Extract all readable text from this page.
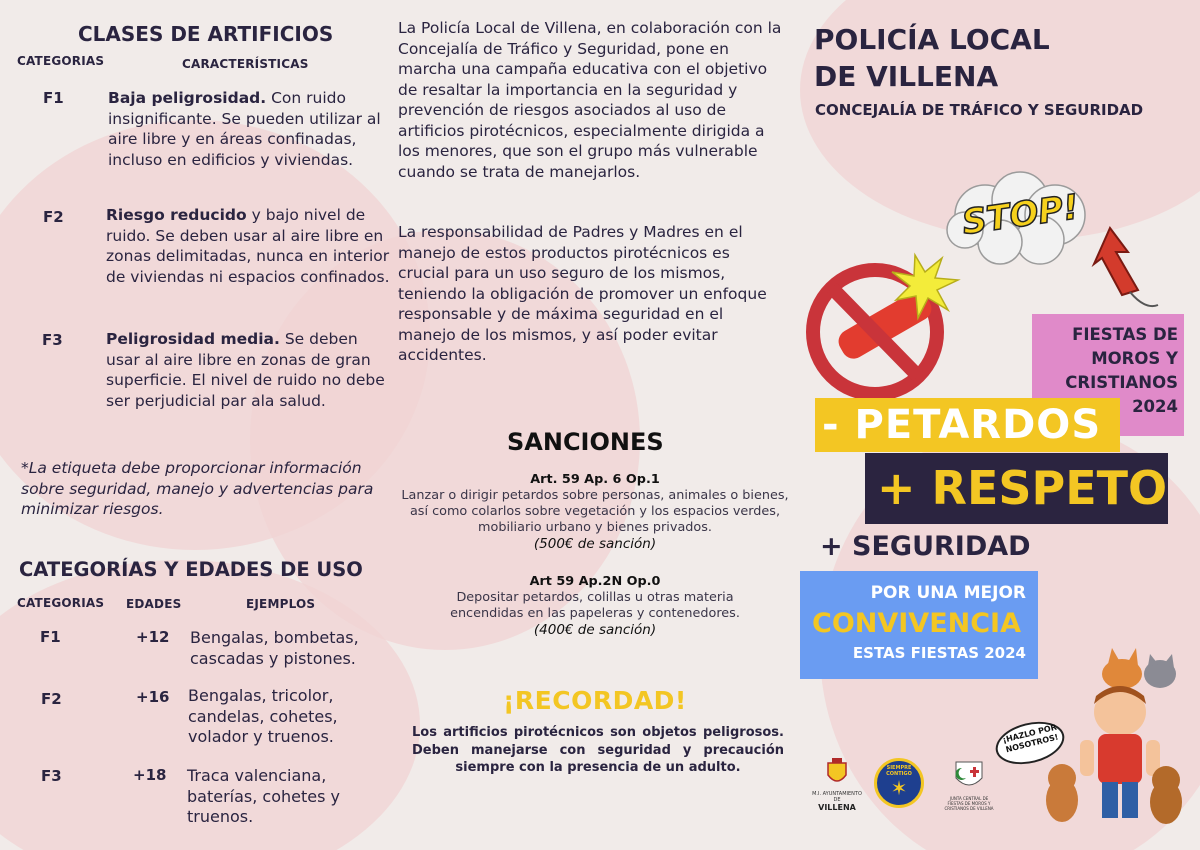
CLASES DE ARTIFICIOS
CATEGORIAS	CARACTERÍSTICAS
F1	Baja peligrosidad. Con ruido insignificante. Se pueden utilizar al aire libre y en áreas confinadas, incluso en edificios y viviendas.
F2	Riesgo reducido y bajo nivel de ruido. Se deben usar al aire libre en zonas delimitadas, nunca en interior de viviendas ni espacios confinados.
F3	Peligrosidad media. Se deben usar al aire libre en zonas de gran superficie. El nivel de ruido no debe ser perjudicial par ala salud.
*La etiqueta debe proporcionar información sobre seguridad, manejo y advertencias para minimizar riesgos.
CATEGORÍAS Y EDADES DE USO
CATEGORIAS EDADES	EJEMPLOS
F1	+12 Bengalas, bombetas, cascadas y pistones.
F2	+16 Bengalas, tricolor, candelas, cohetes, volador y truenos.
F3	+18 Traca valenciana, baterías, cohetes y truenos.
La Policía Local de Villena, en colaboración con la Concejalía de Tráfico y Seguridad, pone en marcha una campaña educativa con el objetivo de resaltar la importancia en la seguridad y prevención de riesgos asociados al uso de artificios pirotécnicos, especialmente dirigida a los menores, que son el grupo más vulnerable cuando se trata de manejarlos.
La responsabilidad de Padres y Madres en el manejo de estos productos pirotécnicos es crucial para un uso seguro de los mismos, teniendo la obligación de promover un enfoque responsable y de máxima seguridad en el manejo de los mismos, y así poder evitar accidentes.
SANCIONES
Art. 59 Ap. 6 Op.1
Lanzar o dirigir petardos sobre personas, animales o bienes, así como colarlos sobre vegetación y los espacios verdes, mobiliario urbano y bienes privados.
(500€ de sanción)
Art 59 Ap.2N Op.0
Depositar petardos, colillas u otras materia encendidas en las papeleras y contenedores.
(400€ de sanción)
¡RECORDAD!
Los artificios pirotécnicos son objetos peligrosos. Deben manejarse con seguridad y precaución siempre con la presencia de un adulto.
POLICÍA LOCAL
DE VILLENA
CONCEJALÍA DE TRÁFICO Y SEGURIDAD
STOP!
FIESTAS DE
MOROS Y
CRISTIANOS
2024
- PETARDOS
+ RESPETO
+ SEGURIDAD
POR UNA MEJOR
CONVIVENCIA
ESTAS FIESTAS 2024
¡HAZLO POR NOSOTROS!
M.I. AYUNTAMIENTO DE
VILLENA
SIEMPRE CONTIGO
✶	JUNTA CENTRAL DE FIESTAS DE MOROS Y CRISTIANOS DE VILLENA
